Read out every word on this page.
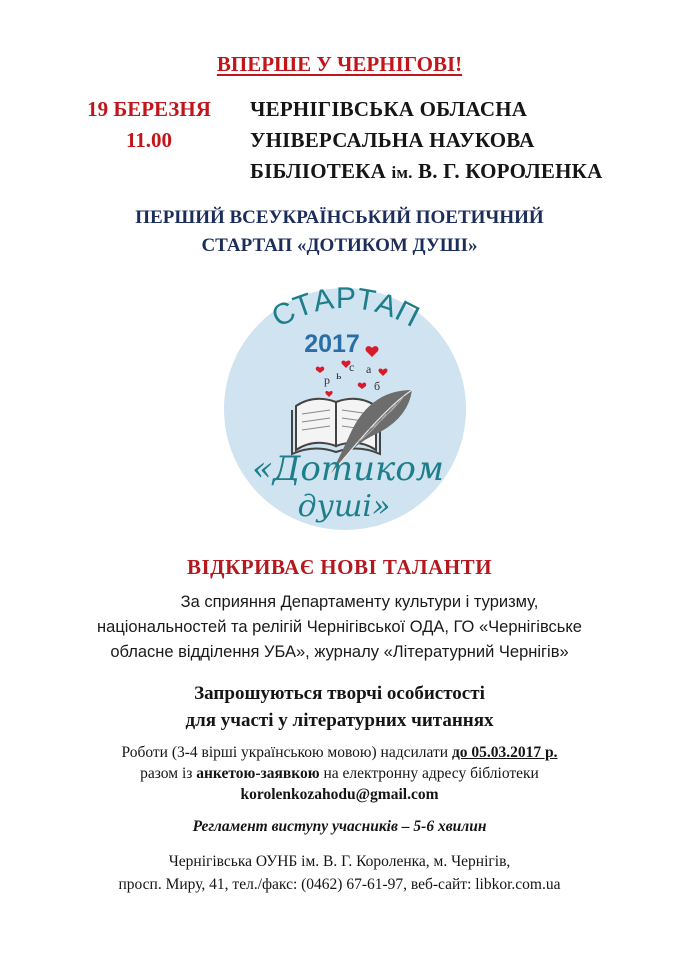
ВПЕРШЕ У ЧЕРНІГОВІ!
19 БЕРЕЗНЯ
11.00
ЧЕРНІГІВСЬКА ОБЛАСНА
УНІВЕРСАЛЬНА НАУКОВА
БІБЛІОТЕКА ім. В. Г. КОРОЛЕНКА
ПЕРШИЙ ВСЕУКРАЇНСЬКИЙ ПОЕТИЧНИЙ
СТАРТАП «ДОТИКОМ ДУШІ»
СТАРТАП
2017
р ь
с а
б
«Дотиком
душі»
ВІДКРИВАЄ НОВІ ТАЛАНТИ
За сприяння Департаменту культури і туризму,
національностей та релігій Чернігівської ОДА, ГО «Чернігівське
обласне відділення УБА», журналу «Літературний Чернігів»
Запрошуються творчі особистості
для участі у літературних читаннях
Роботи (3-4 вірші українською мовою) надсилати до 05.03.2017 р.
разом із анкетою-заявкою на електронну адресу бібліотеки
korolenkozahodu@gmail.com
Регламент виступу учасників – 5-6 хвилин
Чернігівська ОУНБ ім. В. Г. Короленка, м. Чернігів,
просп. Миру, 41, тел./факс: (0462) 67-61-97, веб-сайт: libkor.com.ua
